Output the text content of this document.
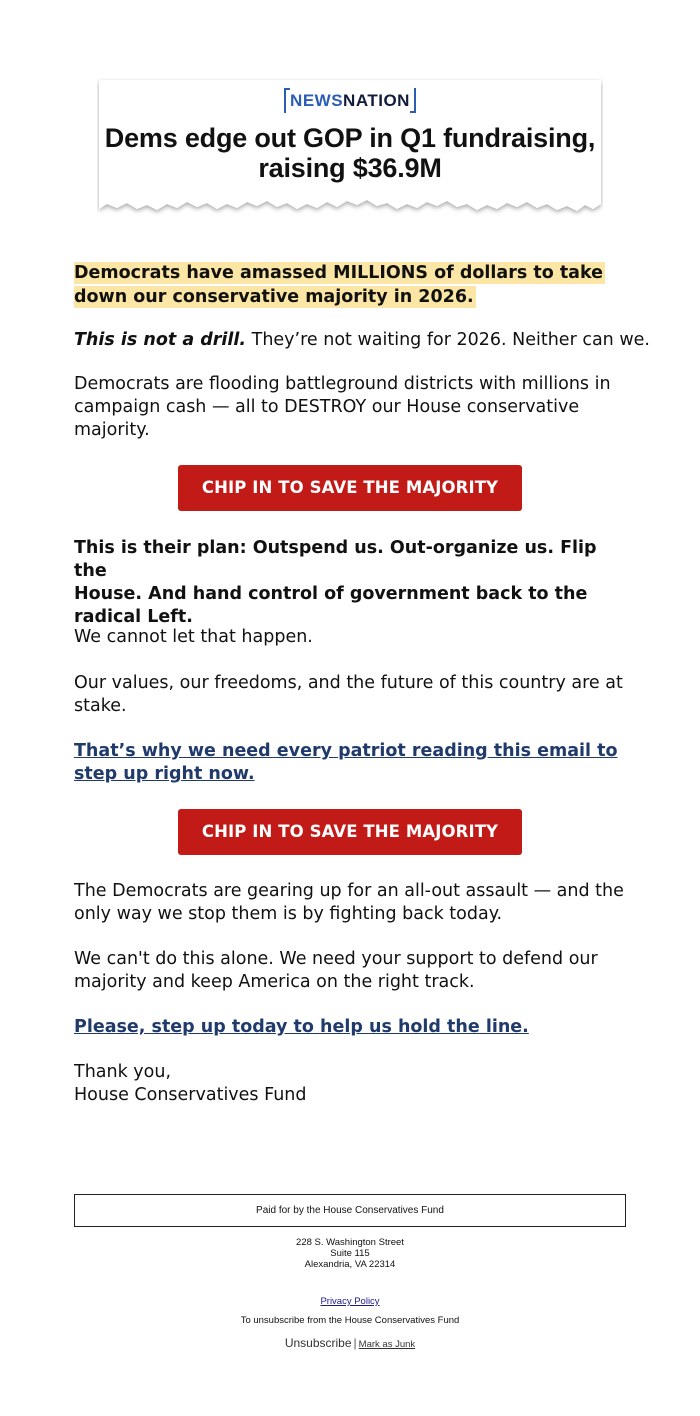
NEWSNATION
Dems edge out GOP in Q1 fundraising,
raising $36.9M
Democrats have amassed MILLIONS of dollars to take
down our conservative majority in 2026.

This is not a drill. They’re not waiting for 2026. Neither can we.

Democrats are flooding battleground districts with millions in
campaign cash — all to DESTROY our House conservative
majority.

This is their plan: Outspend us. Out-organize us. Flip the
House. And hand control of government back to the
radical Left.

We cannot let that happen.

Our values, our freedoms, and the future of this country are at
stake.

That’s why we need every patriot reading this email to
step up right now.

The Democrats are gearing up for an all-out assault — and the
only way we stop them is by fighting back today.

We can't do this alone. We need your support to defend our
majority and keep America on the right track.

Please, step up today to help us hold the line.

Thank you,
House Conservatives Fund

CHIP IN TO SAVE THE MAJORITY
CHIP IN TO SAVE THE MAJORITY
Paid for by the House Conservatives Fund
228 S. Washington Street
Suite 115
Alexandria, VA 22314
Privacy Policy
To unsubscribe from the House Conservatives Fund
Unsubscribe | Mark as Junk
